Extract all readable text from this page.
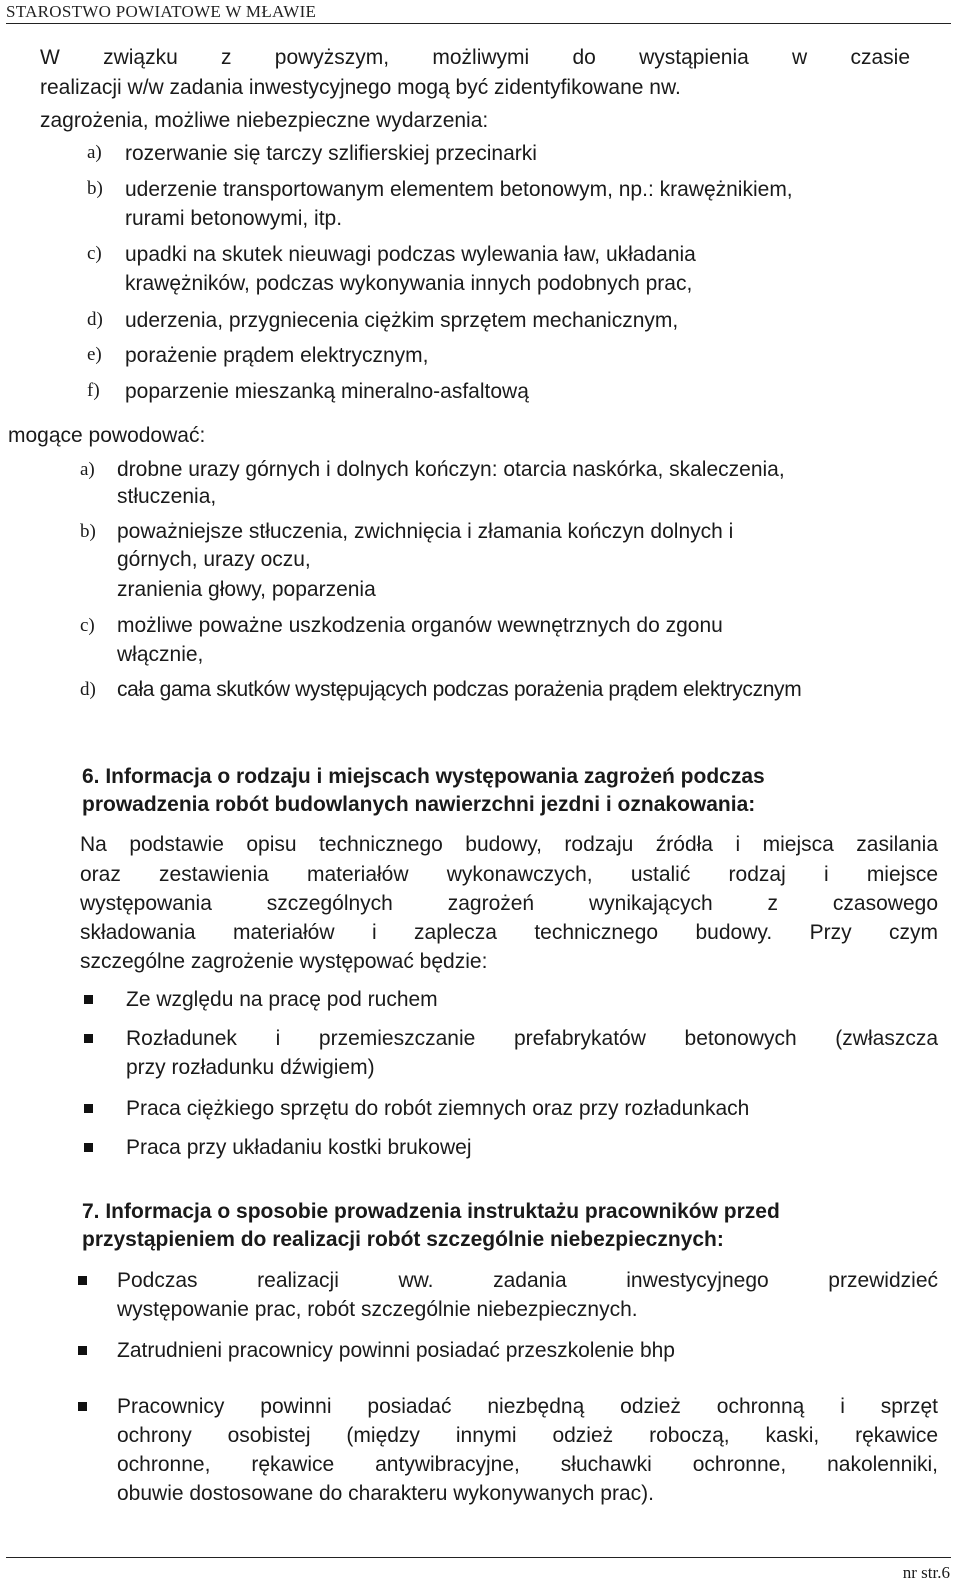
STAROSTWO POWIATOWE W MŁAWIE
W związku z powyższym, możliwymi do wystąpienia w czasie
realizacji w/w zadania inwestycyjnego mogą być zidentyfikowane nw.
zagrożenia, możliwe niebezpieczne wydarzenia:
a) rozerwanie się tarczy szlifierskiej przecinarki
b) uderzenie transportowanym elementem betonowym, np.: krawężnikiem,
rurami betonowymi, itp.
c) upadki na skutek nieuwagi podczas wylewania ław, układania
krawężników, podczas wykonywania innych podobnych prac,
d) uderzenia, przygniecenia ciężkim sprzętem mechanicznym,
e) porażenie prądem elektrycznym,
f) poparzenie mieszanką mineralno-asfaltową
mogące powodować:
a) drobne urazy górnych i dolnych kończyn: otarcia naskórka, skaleczenia,
stłuczenia,
b) poważniejsze stłuczenia, zwichnięcia i złamania kończyn dolnych i
górnych, urazy oczu,
zranienia głowy, poparzenia
c) możliwe poważne uszkodzenia organów wewnętrznych do zgonu
włącznie,
d) cała gama skutków występujących podczas porażenia prądem elektrycznym
6. Informacja o rodzaju i miejscach występowania zagrożeń podczas
prowadzenia robót budowlanych nawierzchni jezdni i oznakowania:
Na podstawie opisu technicznego budowy, rodzaju źródła i miejsca zasilania
oraz zestawienia materiałów wykonawczych, ustalić rodzaj i miejsce
występowania szczególnych zagrożeń wynikających z czasowego
składowania materiałów i zaplecza technicznego budowy. Przy czym
szczególne zagrożenie występować będzie:
Ze względu na pracę pod ruchem
Rozładunek i przemieszczanie prefabrykatów betonowych (zwłaszcza
przy rozładunku dźwigiem)
Praca ciężkiego sprzętu do robót ziemnych oraz przy rozładunkach
Praca przy układaniu kostki brukowej
7. Informacja o sposobie prowadzenia instruktażu pracowników przed
przystąpieniem do realizacji robót szczególnie niebezpiecznych:
Podczas realizacji ww. zadania inwestycyjnego przewidzieć
występowanie prac, robót szczególnie niebezpiecznych.
Zatrudnieni pracownicy powinni posiadać przeszkolenie bhp
Pracownicy powinni posiadać niezbędną odzież ochronną i sprzęt
ochrony osobistej (między innymi odzież roboczą, kaski, rękawice
ochronne, rękawice antywibracyjne, słuchawki ochronne, nakolenniki,
obuwie dostosowane do charakteru wykonywanych prac).
nr str.6
